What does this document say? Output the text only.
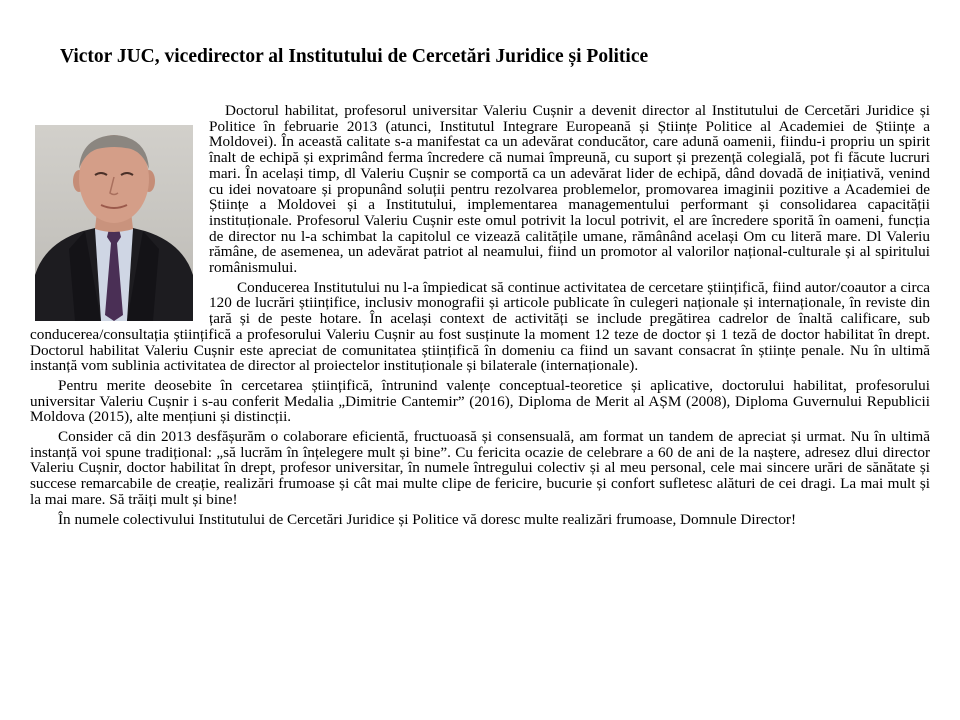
Victor JUC, vicedirector al Institutului de Cercetări Juridice și Politice

Doctorul habilitat, profesorul universitar Valeriu Cușnir a devenit director al Institutului de Cercetări Juridice și Politice în februarie 2013 (atunci, Institutul Integrare Europeană și Științe Politice al Academiei de Științe a Moldovei). În această calitate s-a manifestat ca un adevărat conducător, care adună oamenii, fiindu-i propriu un spirit înalt de echipă și exprimând ferma încredere că numai împreună, cu suport și prezență colegială, pot fi făcute lucruri mari. În același timp, dl Valeriu Cușnir se comportă ca un adevărat lider de echipă, dând dovadă de inițiativă, venind cu idei novatoare și propunând soluții pentru rezolvarea problemelor, promovarea imaginii pozitive a Academiei de Științe a Moldovei și a Institutului, implementarea managementului performant și consolidarea capacității instituționale. Profesorul Valeriu Cușnir este omul potrivit la locul potrivit, el are încredere sporită în oameni, funcția de director nu l-a schimbat la capitolul ce vizează calitățile umane, rămânând același Om cu literă mare. Dl Valeriu rămâne, de asemenea, un adevărat patriot al neamului, fiind un promotor al valorilor național-culturale și al spiritului românismului.

Conducerea Institutului nu l-a împiedicat să continue activitatea de cercetare științifică, fiind autor/coautor a circa 120 de lucrări științifice, inclusiv monografii și articole publicate în culegeri naționale și internaționale, în reviste din țară și de peste hotare. În același context de activități se include pregătirea cadrelor de înaltă calificare, sub conducerea/consultația științifică a profesorului Valeriu Cușnir au fost susținute la moment 12 teze de doctor și 1 teză de doctor habilitat în drept. Doctorul habilitat Valeriu Cușnir este apreciat de comunitatea științifică în domeniu ca fiind un savant consacrat în științe penale. Nu în ultimă instanță vom sublinia activitatea de director al proiectelor instituționale și bilaterale (internaționale).

Pentru merite deosebite în cercetarea științifică, întrunind valențe conceptual-teoretice și aplicative, doctorului habilitat, profesorului universitar Valeriu Cușnir i s-au conferit Medalia „Dimitrie Cantemir” (2016), Diploma de Merit al AȘM (2008), Diploma Guvernului Republicii Moldova (2015), alte mențiuni și distincții.

Consider că din 2013 desfășurăm o colaborare eficientă, fructuoasă și consensuală, am format un tandem de apreciat și urmat. Nu în ultimă instanță voi spune tradițional: „să lucrăm în înțelegere mult și bine”. Cu fericita ocazie de celebrare a 60 de ani de la naștere, adresez dlui director Valeriu Cușnir, doctor habilitat în drept, profesor universitar, în numele întregului colectiv și al meu personal, cele mai sincere urări de sănătate și succese remarcabile de creație, realizări frumoase și cât mai multe clipe de fericire, bucurie și confort sufletesc alături de cei dragi. La mai mult și la mai mare. Să trăiți mult și bine!

În numele colectivului Institutului de Cercetări Juridice și Politice vă doresc multe realizări frumoase, Domnule Director!
